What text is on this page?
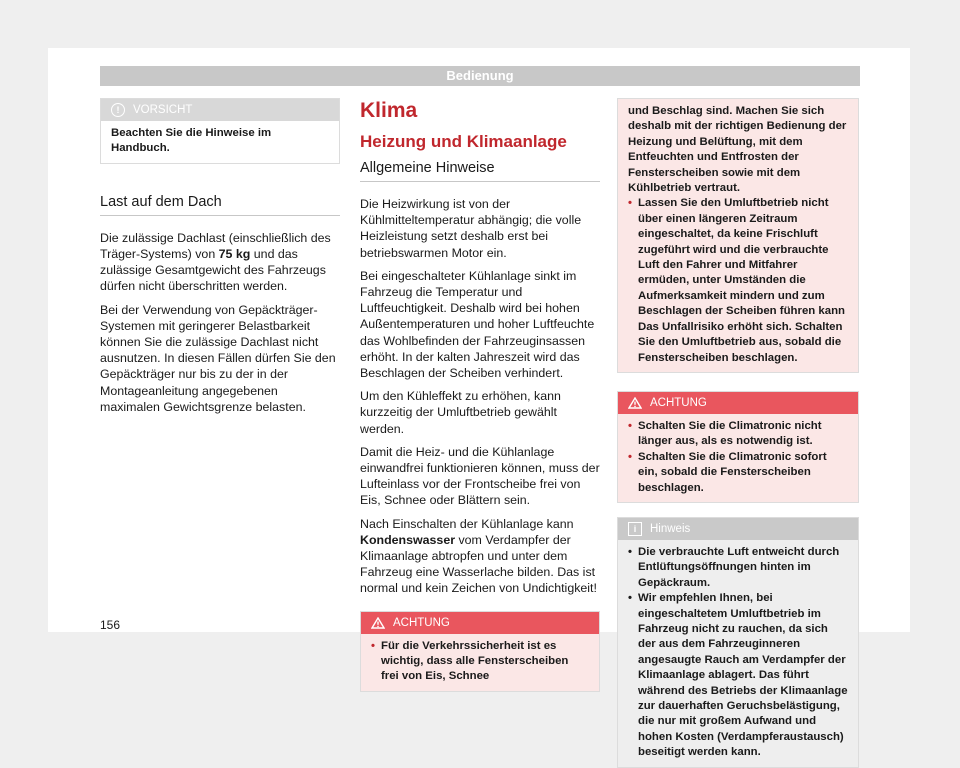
Bedienung
!	VORSICHT
Beachten Sie die Hinweise im Handbuch.
Last auf dem Dach

Die zulässige Dachlast (einschließlich des Träger-Systems) von 75 kg und das zulässige Gesamtgewicht des Fahrzeugs dürfen nicht überschritten werden.

Bei der Verwendung von Gepäckträger-Systemen mit geringerer Belastbarkeit können Sie die zulässige Dachlast nicht ausnutzen. In diesen Fällen dürfen Sie den Gepäckträger nur bis zu der in der Montageanleitung angegebenen maximalen Gewichtsgrenze belasten.

Klima
Heizung und Klimaanlage
Allgemeine Hinweise

Die Heizwirkung ist von der Kühlmitteltemperatur abhängig; die volle Heizleistung setzt deshalb erst bei betriebswarmen Motor ein.

Bei eingeschalteter Kühlanlage sinkt im Fahrzeug die Temperatur und Luftfeuchtigkeit. Deshalb wird bei hohen Außentemperaturen und hoher Luftfeuchte das Wohlbefinden der Fahrzeuginsassen erhöht. In der kalten Jahreszeit wird das Beschlagen der Scheiben verhindert.

Um den Kühleffekt zu erhöhen, kann kurzzeitig der Umluftbetrieb gewählt werden.

Damit die Heiz- und die Kühlanlage einwandfrei funktionieren können, muss der Lufteinlass vor der Frontscheibe frei von Eis, Schnee oder Blättern sein.

Nach Einschalten der Kühlanlage kann Kondenswasser vom Verdampfer der Klimaanlage abtropfen und unter dem Fahrzeug eine Wasserlache bilden. Das ist normal und kein Zeichen von Undichtigkeit!

ACHTUNG
• Für die Verkehrssicherheit ist es wichtig, dass alle Fensterscheiben frei von Eis, Schnee
und Beschlag sind. Machen Sie sich deshalb mit der richtigen Bedienung der Heizung und Belüftung, mit dem Entfeuchten und Entfrosten der Fensterscheiben sowie mit dem Kühlbetrieb vertraut.
• Lassen Sie den Umluftbetrieb nicht über einen längeren Zeitraum eingeschaltet, da keine Frischluft zugeführt wird und die verbrauchte Luft den Fahrer und Mitfahrer ermüden, unter Umständen die Aufmerksamkeit mindern und zum Beschlagen der Scheiben führen kann Das Unfallrisiko erhöht sich. Schalten Sie den Umluftbetrieb aus, sobald die Fensterscheiben beschlagen.
ACHTUNG
• Schalten Sie die Climatronic nicht länger aus, als es notwendig ist.
• Schalten Sie die Climatronic sofort ein, sobald die Fensterscheiben beschlagen.
i	Hinweis
• Die verbrauchte Luft entweicht durch Entlüftungsöffnungen hinten im Gepäckraum.
• Wir empfehlen Ihnen, bei eingeschaltetem Umluftbetrieb im Fahrzeug nicht zu rauchen, da sich der aus dem Fahrzeuginneren angesaugte Rauch am Verdampfer der Klimaanlage ablagert. Das führt während des Betriebs der Klimaanlage zur dauerhaften Geruchsbelästigung, die nur mit großem Aufwand und hohen Kosten (Verdampferaustausch) beseitigt werden kann.
156
